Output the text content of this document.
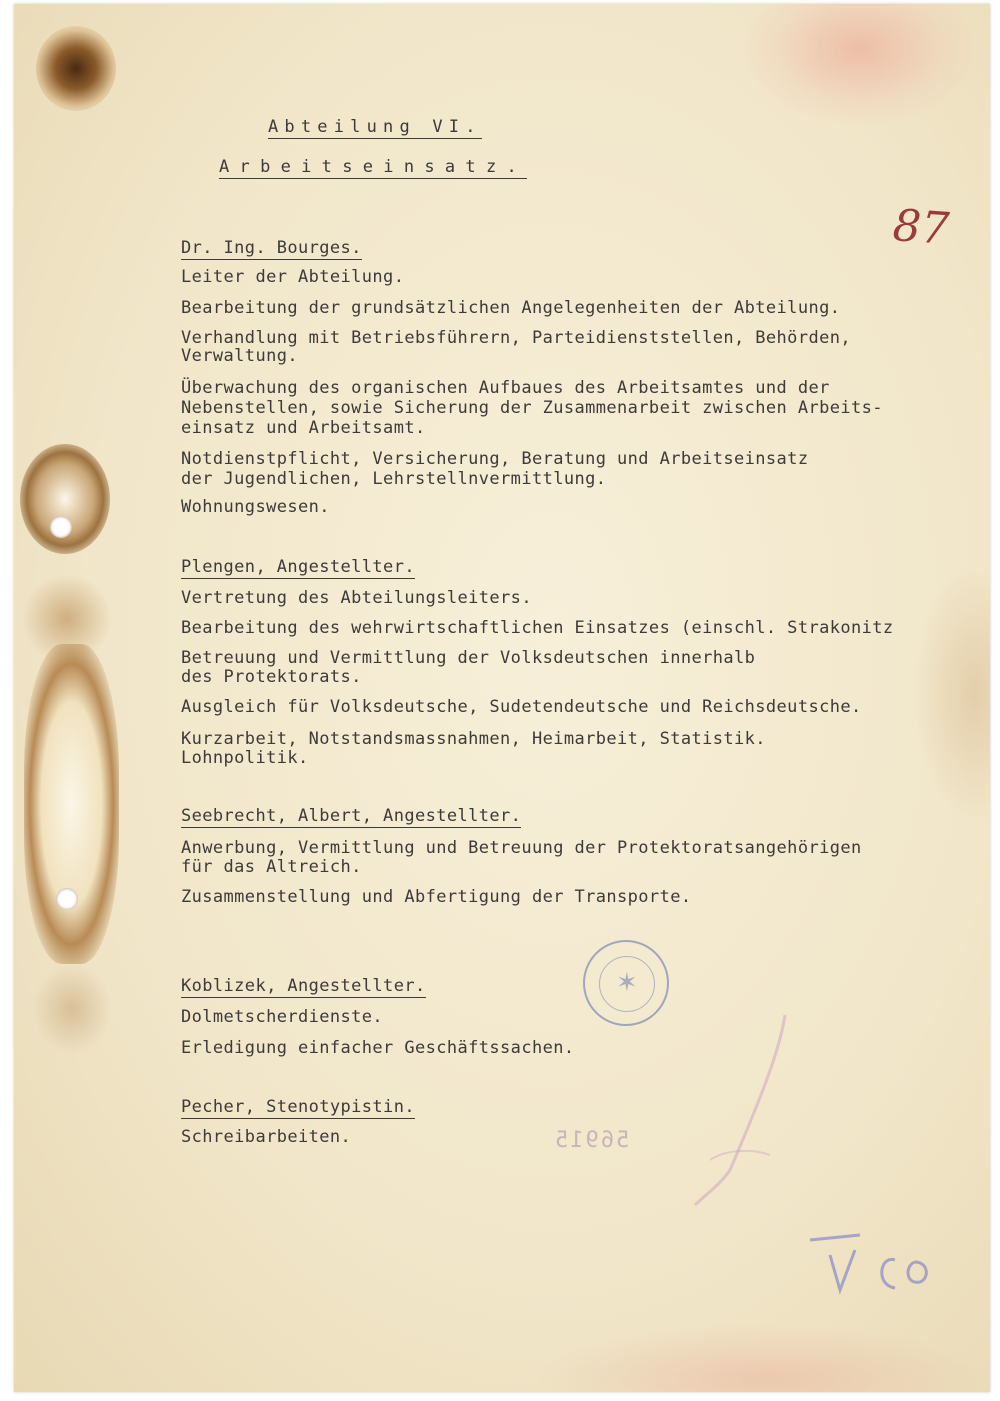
87
Abteilung VI.
Arbeitseinsatz.
Dr. Ing. Bourges.
Leiter der Abteilung.
Bearbeitung der grundsätzlichen Angelegenheiten der Abteilung.
Verhandlung mit Betriebsführern, Parteidienststellen, Behörden,
Verwaltung.
Überwachung des organischen Aufbaues des Arbeitsamtes und der
Nebenstellen, sowie Sicherung der Zusammenarbeit zwischen Arbeits-
einsatz und Arbeitsamt.
Notdienstpflicht, Versicherung, Beratung und Arbeitseinsatz
der Jugendlichen, Lehrstellnvermittlung.
Wohnungswesen.
Plengen, Angestellter.
Vertretung des Abteilungsleiters.
Bearbeitung des wehrwirtschaftlichen Einsatzes (einschl. Strakonitz
Betreuung und Vermittlung der Volksdeutschen innerhalb
des Protektorats.
Ausgleich für Volksdeutsche, Sudetendeutsche und Reichsdeutsche.
Kurzarbeit, Notstandsmassnahmen, Heimarbeit, Statistik.
Lohnpolitik.
Seebrecht, Albert, Angestellter.
Anwerbung, Vermittlung und Betreuung der Protektoratsangehörigen
für das Altreich.
Zusammenstellung und Abfertigung der Transporte.
Koblizek, Angestellter.
Dolmetscherdienste.
Erledigung einfacher Geschäftssachen.
Pecher, Stenotypistin.
Schreibarbeiten.
✶
56915
